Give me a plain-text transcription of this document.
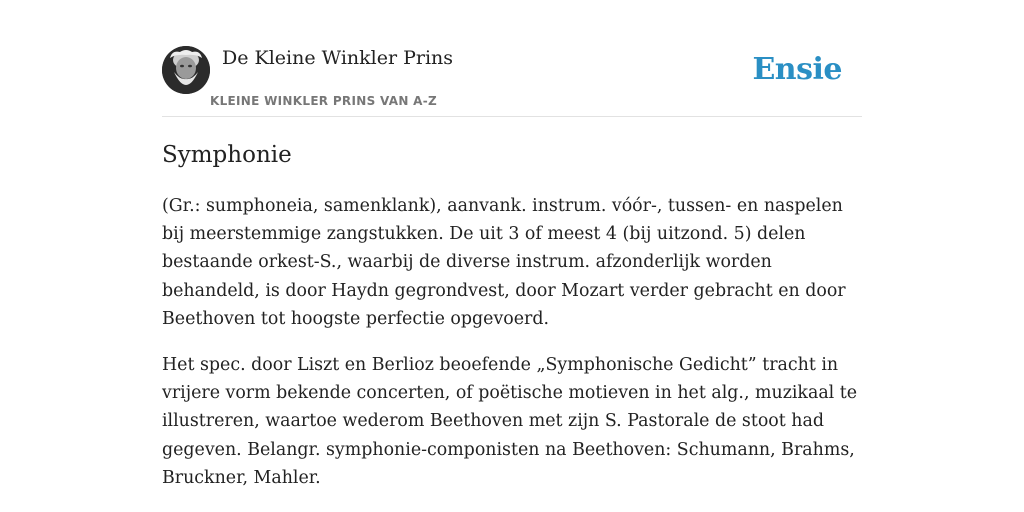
De Kleine Winkler Prins
KLEINE WINKLER PRINS VAN A-Z
Ensie
Symphonie

(Gr.: sumphoneia, samenklank), aanvank. instrum. vóór-, tussen- en naspelen bij meerstemmige zangstukken. De uit 3 of meest 4 (bij uitzond. 5) delen bestaande orkest-S., waarbij de diverse instrum. afzonderlijk worden behandeld, is door Haydn gegrondvest, door Mozart verder gebracht en door Beethoven tot hoogste perfectie opgevoerd.

Het spec. door Liszt en Berlioz beoefende „Symphonische Gedicht” tracht in vrijere vorm bekende concerten, of poëtische motieven in het alg., muzikaal te illustreren, waartoe wederom Beethoven met zijn S. Pastorale de stoot had gegeven. Belangr. symphonie-componisten na Beethoven: Schumann, Brahms, Bruckner, Mahler.
